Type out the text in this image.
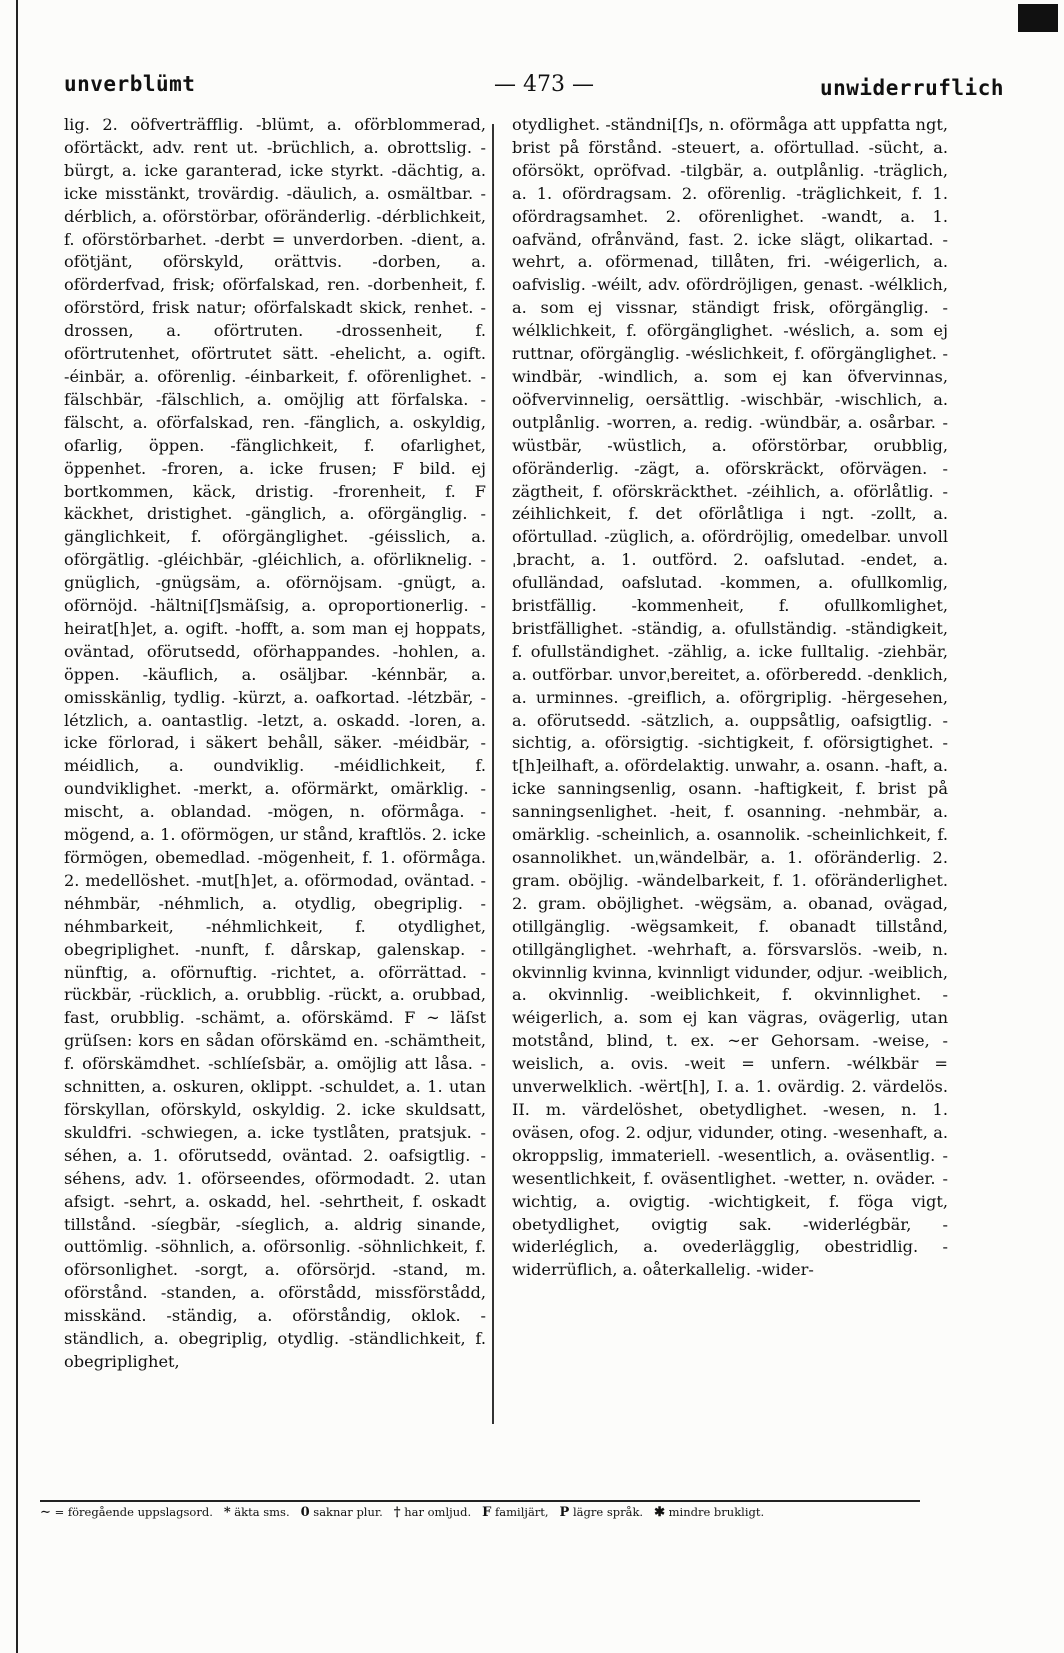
unverblümt	— 473 —	unwiderruflich

lig. 2. oöfverträfflig. -blümt, a. oförblommerad, oförtäckt, adv. rent ut. -brüchlich, a. obrottslig. -bürgt, a. icke garanterad, icke styrkt. -dächtig, a. icke misstänkt, trovärdig. -däulich, a. osmältbar. -dérblich, a. oförstörbar, oföränderlig. -dérblichkeit, f. oförstörbarhet. -derbt = unverdorben. -dient, a. ofötjänt, oförskyld, orättvis. -dorben, a. oförderfvad, frisk; oförfalskad, ren. -dorbenheit, f. oförstörd, frisk natur; oförfalskadt skick, renhet. -drossen, a. oförtruten. -drossenheit, f. oförtrutenhet, oförtrutet sätt. -ehelicht, a. ogift. -éinbär, a. oförenlig. -éinbarkeit, f. oförenlighet. -fälschbär, -fälschlich, a. omöjlig att förfalska. -fälscht, a. oförfalskad, ren. -fänglich, a. oskyldig, ofarlig, öppen. -fänglichkeit, f. ofarlighet, öppenhet. -froren, a. icke frusen; F bild. ej bortkommen, käck, dristig. -frorenheit, f. F käckhet, dristighet. -gänglich, a. oförgänglig. -gänglichkeit, f. oförgänglighet. -géisslich, a. oförgätlig. -gléichbär, -gléichlich, a. oförliknelig. -gnüglich, -gnügsäm, a. oförnöjsam. -gnügt, a. oförnöjd. -hältni[ſ]smäſsig, a. oproportionerlig. -heirat[h]et, a. ogift. -hofft, a. som man ej hoppats, oväntad, oförutsedd, oförhappandes. -hohlen, a. öppen. -käuflich, a. osäljbar. -kénnbär, a. omisskänlig, tydlig. -kürzt, a. oafkortad. -létzbär, -létzlich, a. oantastlig. -letzt, a. oskadd. -loren, a. icke förlorad, i säkert behåll, säker. -méidbär, -méidlich, a. oundviklig. -méidlichkeit, f. oundviklighet. -merkt, a. oförmärkt, omärklig. -mischt, a. oblandad. -mögen, n. oförmåga. -mögend, a. 1. oförmögen, ur stånd, kraftlös. 2. icke förmögen, obemedlad. -mögenheit, f. 1. oförmåga. 2. medellöshet. -mut[h]et, a. oförmodad, oväntad. -néhmbär, -néhmlich, a. otydlig, obegriplig. -néhmbarkeit, -néhmlichkeit, f. otydlighet, obegriplighet. -nunft, f. dårskap, galenskap. -nünftig, a. oförnuftig. -richtet, a. oförrättad. -rückbär, -rücklich, a. orubblig. -rückt, a. orubbad, fast, orubblig. -schämt, a. oförskämd. F ∼ läſst grüſsen: kors en sådan oförskämd en. -schämtheit, f. oförskämdhet. -schlíeſsbär, a. omöjlig att låsa. -schnitten, a. oskuren, oklippt. -schuldet, a. 1. utan förskyllan, oförskyld, oskyldig. 2. icke skuldsatt, skuldfri. -schwiegen, a. icke tystlåten, pratsjuk. -séhen, a. 1. oförutsedd, oväntad. 2. oafsigtlig. -séhens, adv. 1. oförseendes, oförmodadt. 2. utan afsigt. -sehrt, a. oskadd, hel. -sehrtheit, f. oskadt tillstånd. -síegbär, -síeglich, a. aldrig sinande, outtömlig. -söhnlich, a. oförsonlig. -söhnlichkeit, f. oförsonlighet. -sorgt, a. oförsörjd. -stand, m. oförstånd. -standen, a. oförstådd, missförstådd, misskänd. -ständig, a. oförståndig, oklok. -ständlich, a. obegriplig, otydlig. -ständlichkeit, f. obegriplighet,

otydlighet. -ständni[ſ]s, n. oförmåga att uppfatta ngt, brist på förstånd. -steuert, a. oförtullad. -sücht, a. oförsökt, opröfvad. -tilgbär, a. outplånlig. -träglich, a. 1. ofördragsam. 2. oförenlig. -träglichkeit, f. 1. ofördragsamhet. 2. oförenlighet. -wandt, a. 1. oafvänd, ofrånvänd, fast. 2. icke slägt, olikartad. -wehrt, a. oförmenad, tillåten, fri. -wéigerlich, a. oafvislig. -wéilt, adv. ofördröjligen, genast. -wélklich, a. som ej vissnar, ständigt frisk, oförgänglig. -wélklichkeit, f. oförgänglighet. -wéslich, a. som ej ruttnar, oförgänglig. -wéslichkeit, f. oförgänglighet. -windbär, -windlich, a. som ej kan öfvervinnas, oöfvervinnelig, oersättlig. -wischbär, -wischlich, a. outplånlig. -worren, a. redig. -wündbär, a. osårbar. -wüstbär, -wüstlich, a. oförstörbar, orubblig, oföränderlig. -zägt, a. oförskräckt, oförvägen. -zägtheit, f. oförskräckthet. -zéihlich, a. oförlåtlig. -zéihlichkeit, f. det oförlåtliga i ngt. -zollt, a. oförtullad. -züglich, a. ofördröjlig, omedelbar. unvollˌbracht, a. 1. outförd. 2. oafslutad. -endet, a. ofulländad, oafslutad. -kommen, a. ofullkomlig, bristfällig. -kommenheit, f. ofullkomlighet, bristfällighet. -ständig, a. ofullständig. -ständigkeit, f. ofullständighet. -zählig, a. icke fulltalig. -ziehbär, a. outförbar. unvorˌbereitet, a. oförberedd. -denklich, a. urminnes. -greiflich, a. oförgriplig. -hërgesehen, a. oförutsedd. -sätzlich, a. ouppsåtlig, oafsigtlig. -sichtig, a. oförsigtig. -sichtigkeit, f. oförsigtighet. -t[h]eilhaft, a. ofördelaktig. unwahr, a. osann. -haft, a. icke sanningsenlig, osann. -haftigkeit, f. brist på sanningsenlighet. -heit, f. osanning. -nehmbär, a. omärklig. -scheinlich, a. osannolik. -scheinlichkeit, f. osannolikhet. unˌwändelbär, a. 1. oföränderlig. 2. gram. oböjlig. -wändelbarkeit, f. 1. oföränderlighet. 2. gram. oböjlighet. -wëgsäm, a. obanad, ovägad, otillgänglig. -wëgsamkeit, f. obanadt tillstånd, otillgänglighet. -wehrhaft, a. försvarslös. -weib, n. okvinnlig kvinna, kvinnligt vidunder, odjur. -weiblich, a. okvinnlig. -weiblichkeit, f. okvinnlighet. -wéigerlich, a. som ej kan vägras, ovägerlig, utan motstånd, blind, t. ex. ∼er Gehorsam. -weise, -weislich, a. ovis. -weit = unfern. -wélkbär = unverwelklich. -wërt[h], I. a. 1. ovärdig. 2. värdelös. II. m. värdelöshet, obetydlighet. -wesen, n. 1. oväsen, ofog. 2. odjur, vidunder, oting. -wesenhaft, a. okroppslig, immateriell. -wesentlich, a. oväsentlig. -wesentlichkeit, f. oväsentlighet. -wetter, n. oväder. -wichtig, a. ovigtig. -wichtigkeit, f. föga vigt, obetydlighet, ovigtig sak. -widerlégbär, -widerléglich, a. ovederlägglig, obestridlig. -widerrüflich, a. oåterkallelig. -wider-

∼ = föregående uppslagsord. * äkta sms. 0 saknar plur. † har omljud. F familjärt, P lägre språk. ✱ mindre brukligt.
